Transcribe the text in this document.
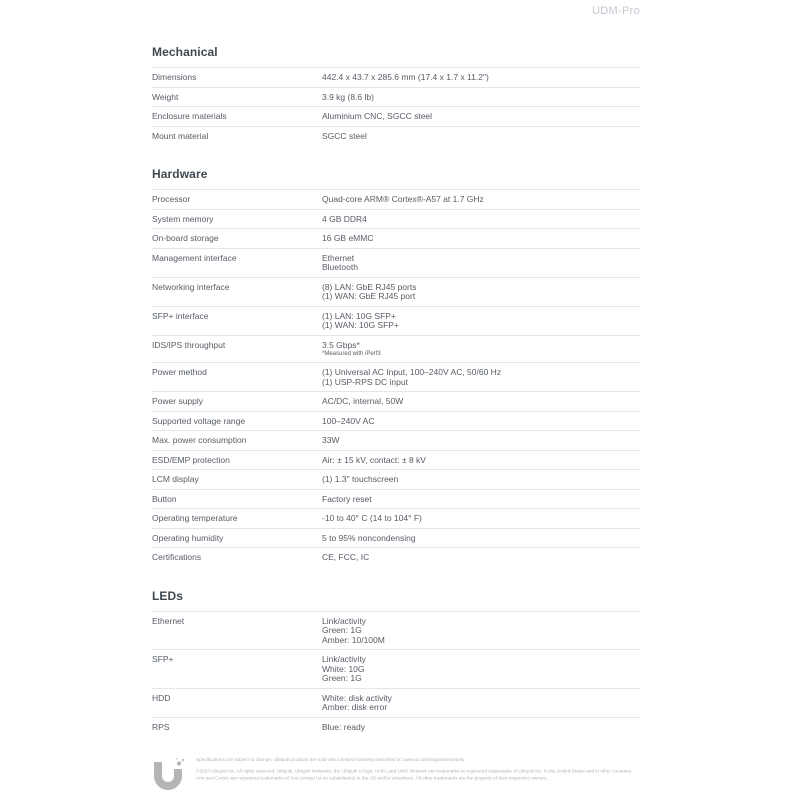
UDM-Pro
Mechanical
Dimensions	442.4 x 43.7 x 285.6 mm (17.4 x 1.7 x 11.2")
Weight	3.9 kg (8.6 lb)
Enclosure materials	Aluminium CNC, SGCC steel
Mount material	SGCC steel
Hardware
Processor	Quad-core ARM® Cortex®-A57 at 1.7 GHz
System memory	4 GB DDR4
On-board storage	16 GB eMMC
Management interface	Ethernet
Bluetooth
Networking interface	(8) LAN: GbE RJ45 ports
(1) WAN: GbE RJ45 port
SFP+ interface	(1) LAN: 10G SFP+
(1) WAN: 10G SFP+
IDS/IPS throughput	3.5 Gbps*
*Measured with iPerf3
Power method	(1) Universal AC Input, 100–240V AC, 50/60 Hz
(1) USP-RPS DC input
Power supply	AC/DC, internal, 50W
Supported voltage range	100–240V AC
Max. power consumption	33W
ESD/EMP protection	Air: ± 15 kV, contact: ± 8 kV
LCM display	(1) 1.3" touchscreen
Button	Factory reset
Operating temperature	-10 to 40° C (14 to 104° F)
Operating humidity	5 to 95% noncondensing
Certifications	CE, FCC, IC
LEDs
Ethernet	Link/activity
Green: 1G
Amber: 10/100M
SFP+	Link/activity
White: 10G
Green: 1G
HDD	White: disk activity
Amber: disk error
RPS	Blue: ready

Specifications are subject to change. Ubiquiti products are sold with a limited warranty described at: www.ui.com/support/warranty

©2023 Ubiquiti Inc. All rights reserved. Ubiquiti, Ubiquiti Networks, the Ubiquiti U logo, UniFi, and UniFi Network are trademarks or registered trademarks of Ubiquiti Inc. in the United States and in other countries. Arm and Cortex are registered trademarks of Arm Limited (or its subsidiaries) in the US and/or elsewhere. All other trademarks are the property of their respective owners.
